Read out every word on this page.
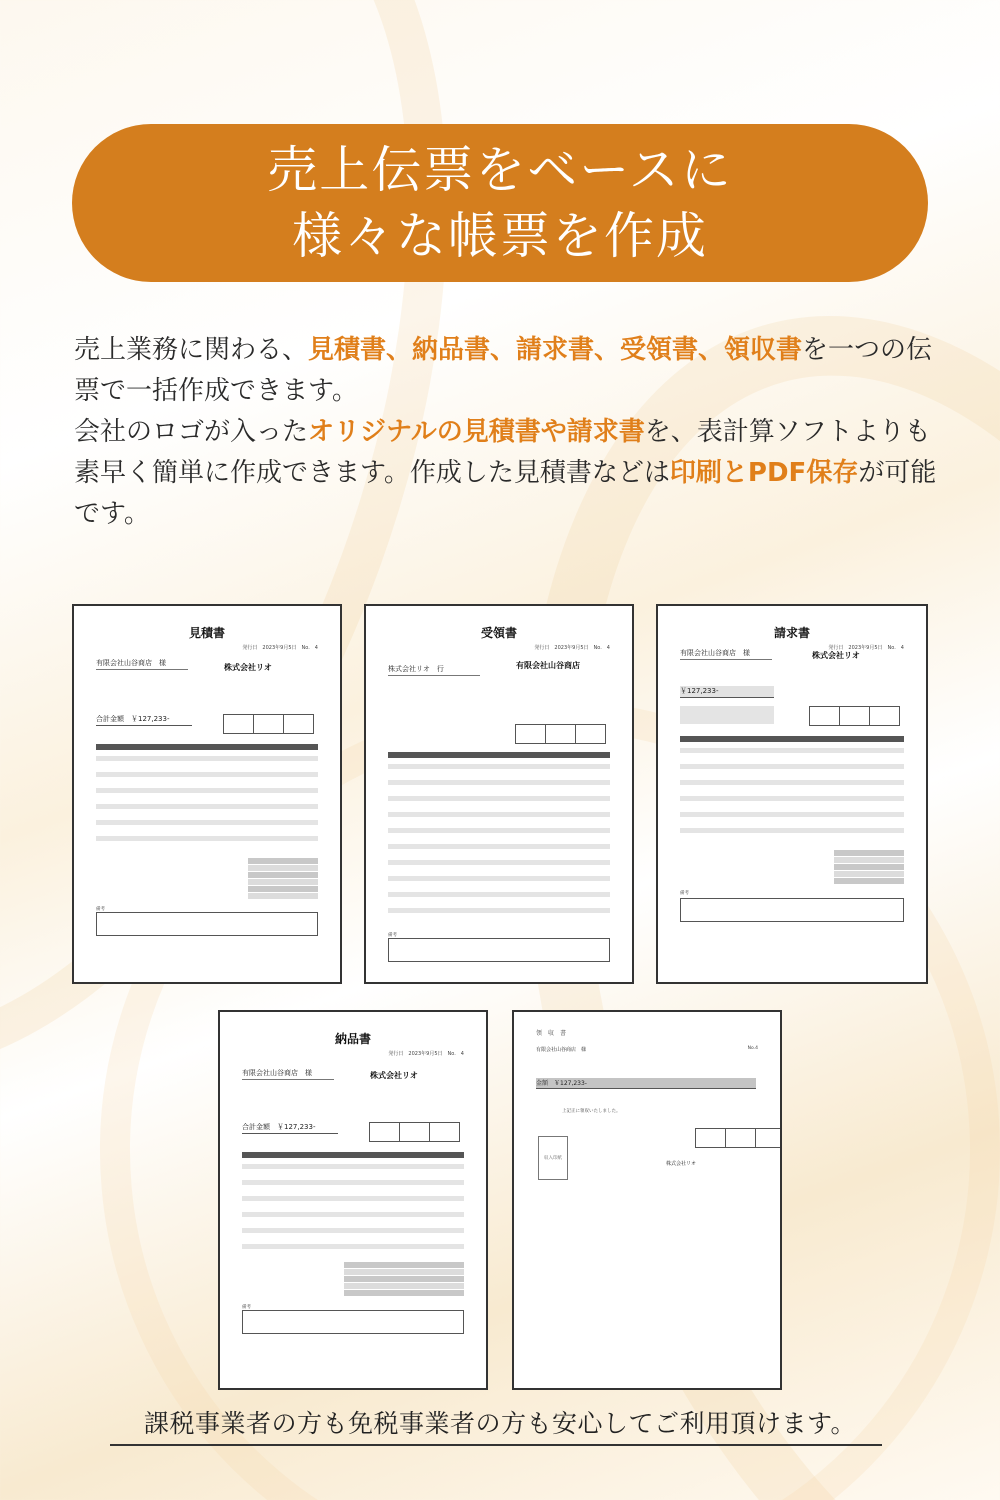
売上伝票をベースに
様々な帳票を作成
売上業務に関わる、見積書、納品書、請求書、受領書、領収書を一つの伝票で一括作成できます。
会社のロゴが入ったオリジナルの見積書や請求書を、表計算ソフトよりも素早く簡単に作成できます。作成した見積書などは印刷とPDF保存が可能です。
見積書
発行日　2023年9月5日　No.　4
有限会社山谷商店　様	株式会社リオ
合計金額　￥127,233-
備考
受領書
発行日　2023年9月5日　No.　4
株式会社リオ　行	有限会社山谷商店
備考
請求書
発行日　2023年9月5日　No.　4
有限会社山谷商店　様	株式会社リオ
￥127,233-
備考
納品書
発行日　2023年9月5日　No.　4
有限会社山谷商店　様	株式会社リオ
合計金額　￥127,233-
備考
領　収　書
有限会社山谷商店　様	No.4
金額　￥127,233-
上記正に領収いたしました。
収入印紙
株式会社リオ
課税事業者の方も免税事業者の方も安心してご利用頂けます。
